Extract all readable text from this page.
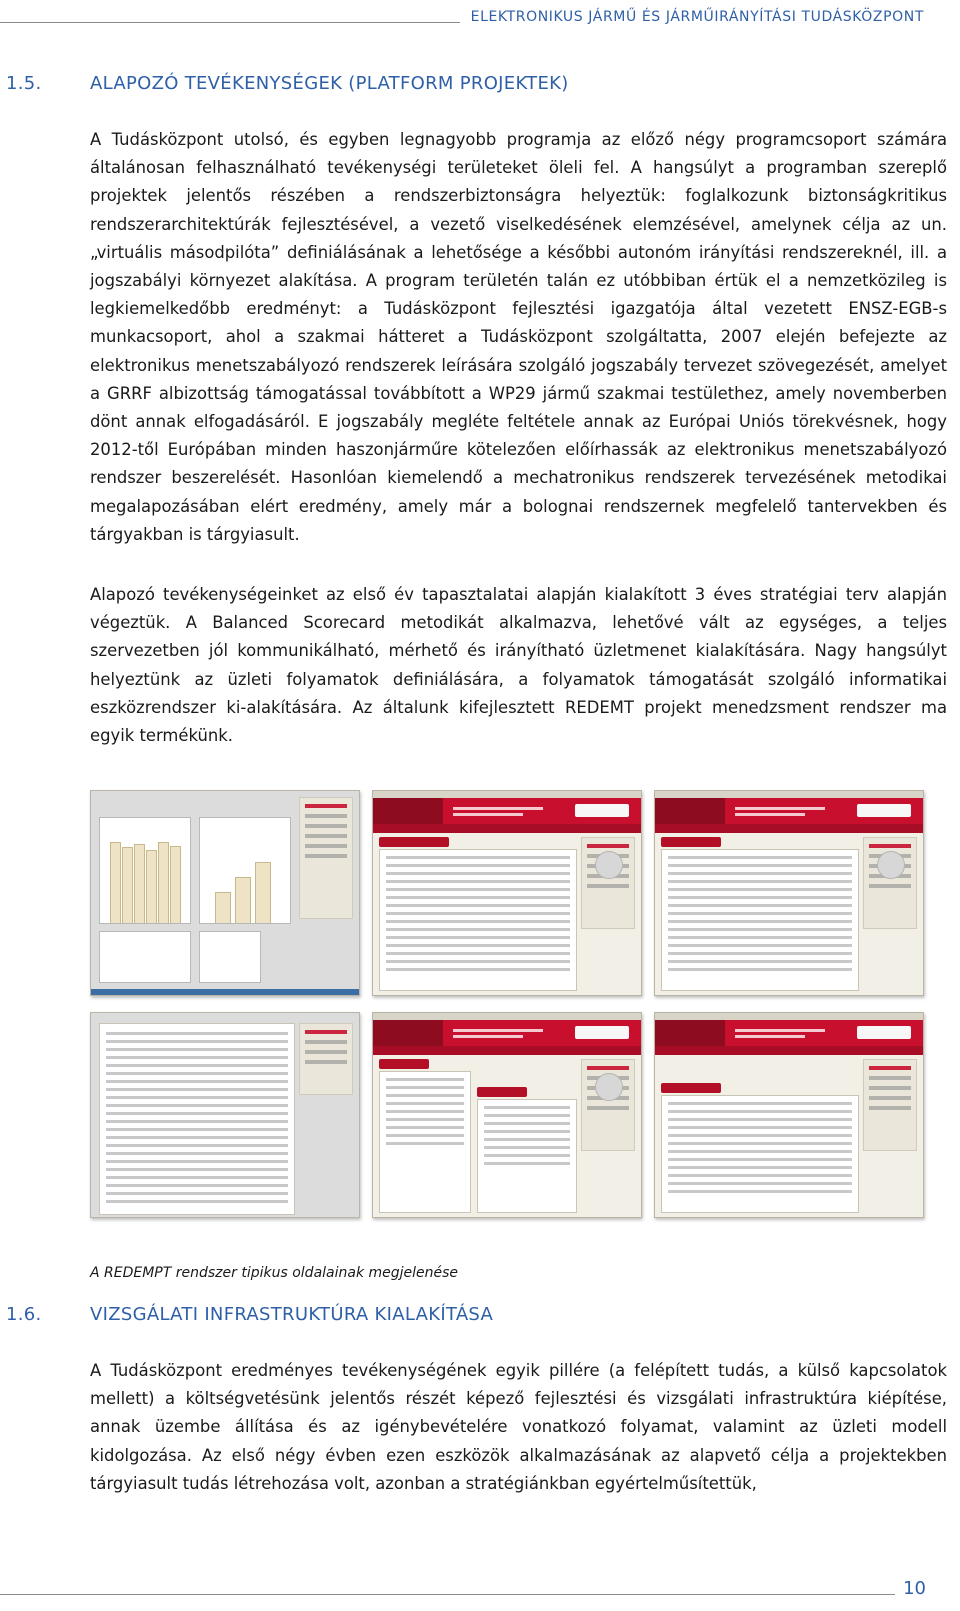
ELEKTRONIKUS JÁRMŰ ÉS JÁRMŰIRÁNYÍTÁSI TUDÁSKÖZPONT
1.5.	ALAPOZÓ TEVÉKENYSÉGEK (PLATFORM PROJEKTEK)
A Tudásközpont utolsó, és egyben legnagyobb programja az előző négy programcsoport számára általánosan felhasználható tevékenységi területeket öleli fel. A hangsúlyt a programban szereplő projektek jelentős részében a rendszerbiztonságra helyeztük: foglalkozunk biztonságkritikus rendszerarchitektúrák fejlesztésével, a vezető viselkedésének elemzésével, amelynek célja az un. „virtuális másodpilóta” definiálásának a lehetősége a későbbi autonóm irányítási rendszereknél, ill. a jogszabályi környezet alakítása. A program területén talán ez utóbbiban értük el a nemzetközileg is legkiemelkedőbb eredményt: a Tudásközpont fejlesztési igazgatója által vezetett ENSZ-EGB-s munkacsoport, ahol a szakmai hátteret a Tudásközpont szolgáltatta, 2007 elején befejezte az elektronikus menetszabályozó rendszerek leírására szolgáló jogszabály tervezet szövegezését, amelyet a GRRF albizottság támogatással továbbított a WP29 jármű szakmai testülethez, amely novemberben dönt annak elfogadásáról. E jogszabály megléte feltétele annak az Európai Uniós törekvésnek, hogy 2012-től Európában minden haszonjárműre kötelezően előírhassák az elektronikus menetszabályozó rendszer beszerelését. Hasonlóan kiemelendő a mechatronikus rendszerek tervezésének metodikai megalapozásában elért eredmény, amely már a bolognai rendszernek megfelelő tantervekben és tárgyakban is tárgyiasult.
Alapozó tevékenységeinket az első év tapasztalatai alapján kialakított 3 éves stratégiai terv alapján végeztük. A Balanced Scorecard metodikát alkalmazva, lehetővé vált az egységes, a teljes szervezetben jól kommunikálható, mérhető és irányítható üzletmenet kialakítására. Nagy hangsúlyt helyeztünk az üzleti folyamatok definiálására, a folyamatok támogatását szolgáló informatikai eszközrendszer ki-alakítására. Az általunk kifejlesztett REDEMT projekt menedzsment rendszer ma egyik termékünk.
A REDEMPT rendszer tipikus oldalainak megjelenése
1.6.	VIZSGÁLATI INFRASTRUKTÚRA KIALAKÍTÁSA
A Tudásközpont eredményes tevékenységének egyik pillére (a felépített tudás, a külső kapcsolatok mellett) a költségvetésünk jelentős részét képező fejlesztési és vizsgálati infrastruktúra kiépítése, annak üzembe állítása és az igénybevételére vonatkozó folyamat, valamint az üzleti modell kidolgozása. Az első négy évben ezen eszközök alkalmazásának az alapvető célja a projektekben tárgyiasult tudás létrehozása volt, azonban a stratégiánkban egyértelműsítettük,
10
